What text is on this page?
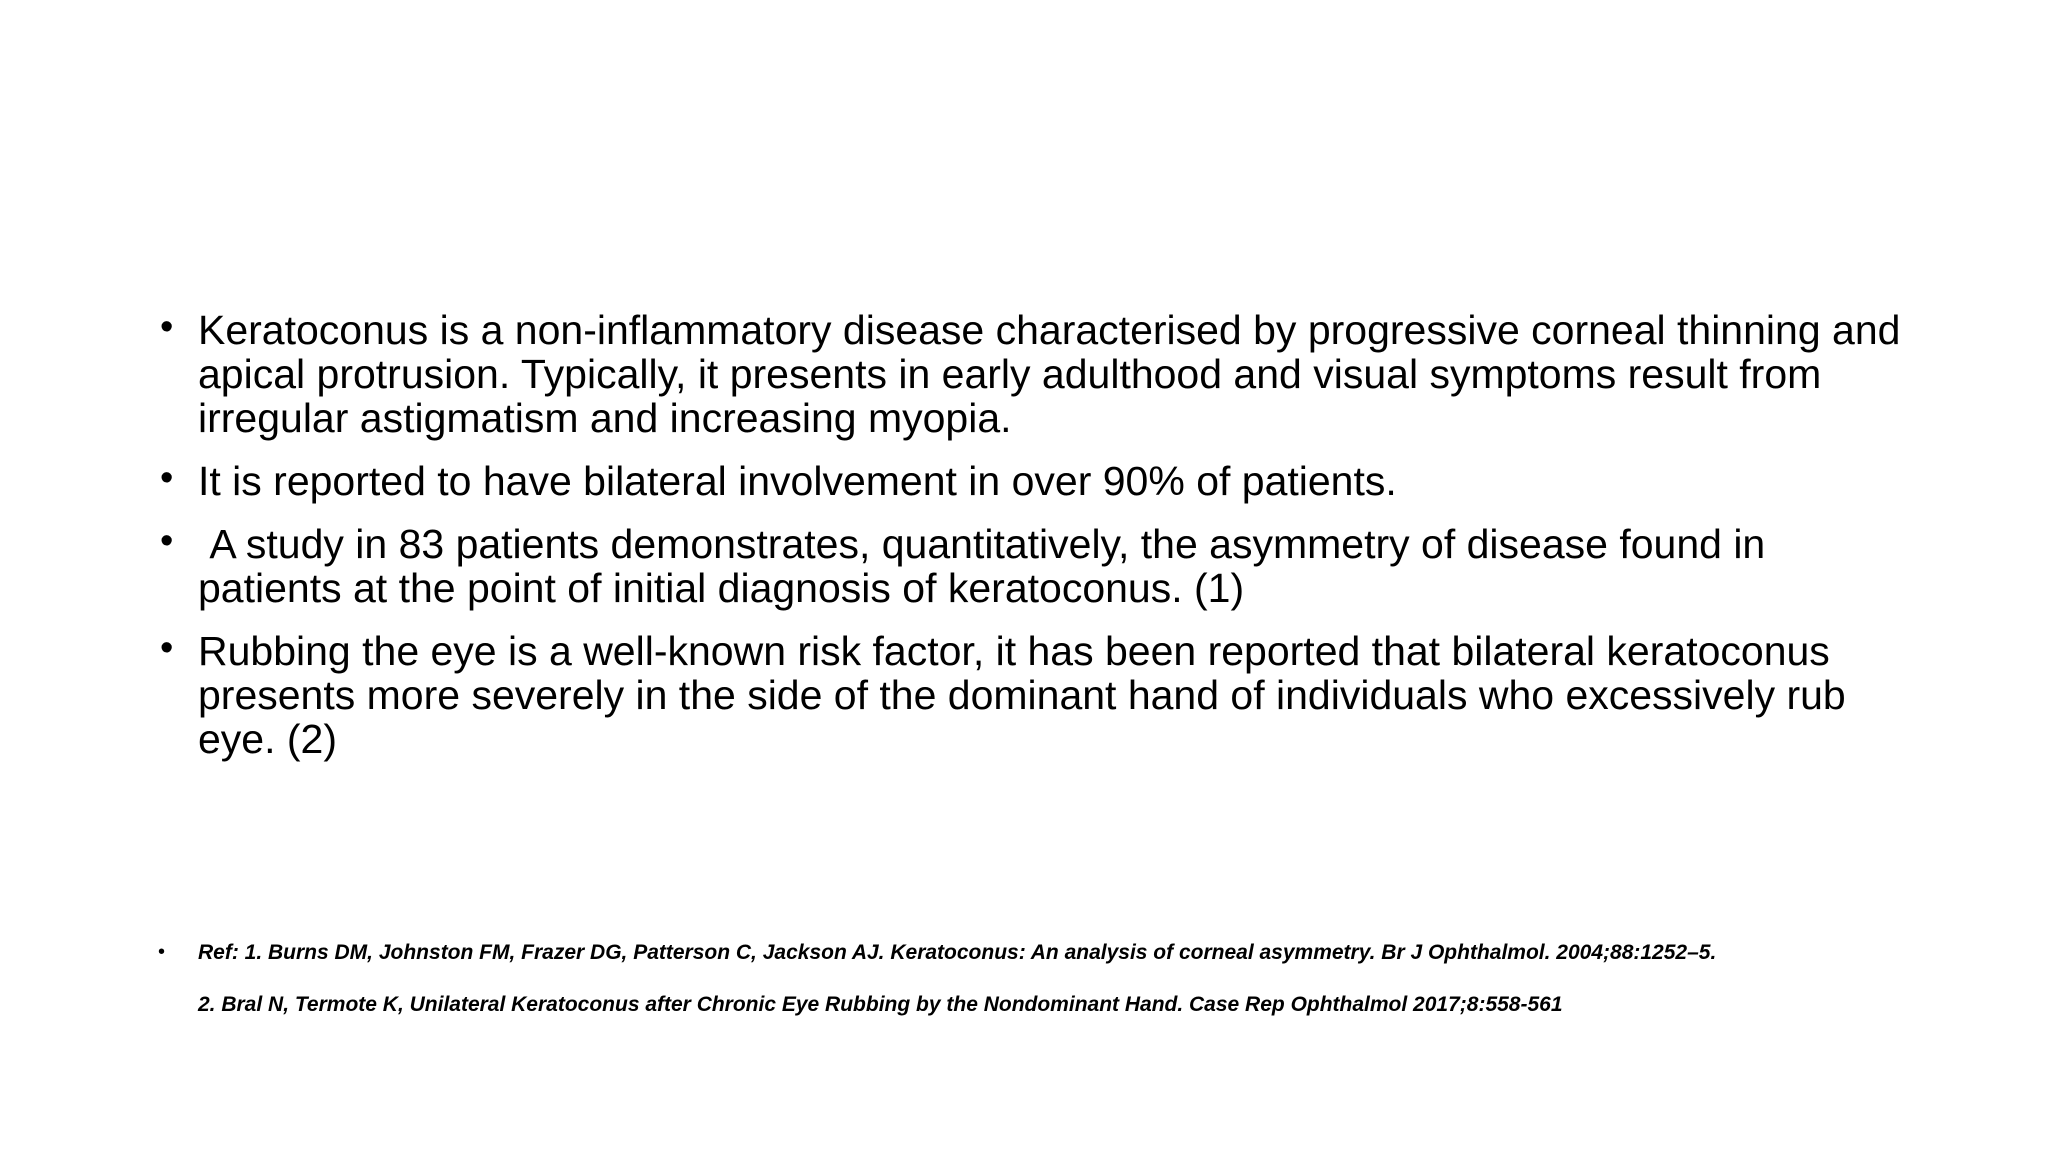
• Keratoconus is a non-inflammatory disease characterised by progressive corneal thinning and apical protrusion. Typically, it presents in early adulthood and visual symptoms result from irregular astigmatism and increasing myopia.
• It is reported to have bilateral involvement in over 90% of patients.
• A study in 83 patients demonstrates, quantitatively, the asymmetry of disease found in patients at the point of initial diagnosis of keratoconus. (1)
• Rubbing the eye is a well-known risk factor, it has been reported that bilateral keratoconus presents more severely in the side of the dominant hand of individuals who excessively rub eye. (2)
• Ref: 1. Burns DM, Johnston FM, Frazer DG, Patterson C, Jackson AJ. Keratoconus: An analysis of corneal asymmetry. Br J Ophthalmol. 2004;88:1252–5.
2. Bral N, Termote K, Unilateral Keratoconus after Chronic Eye Rubbing by the Nondominant Hand. Case Rep Ophthalmol 2017;8:558-561
